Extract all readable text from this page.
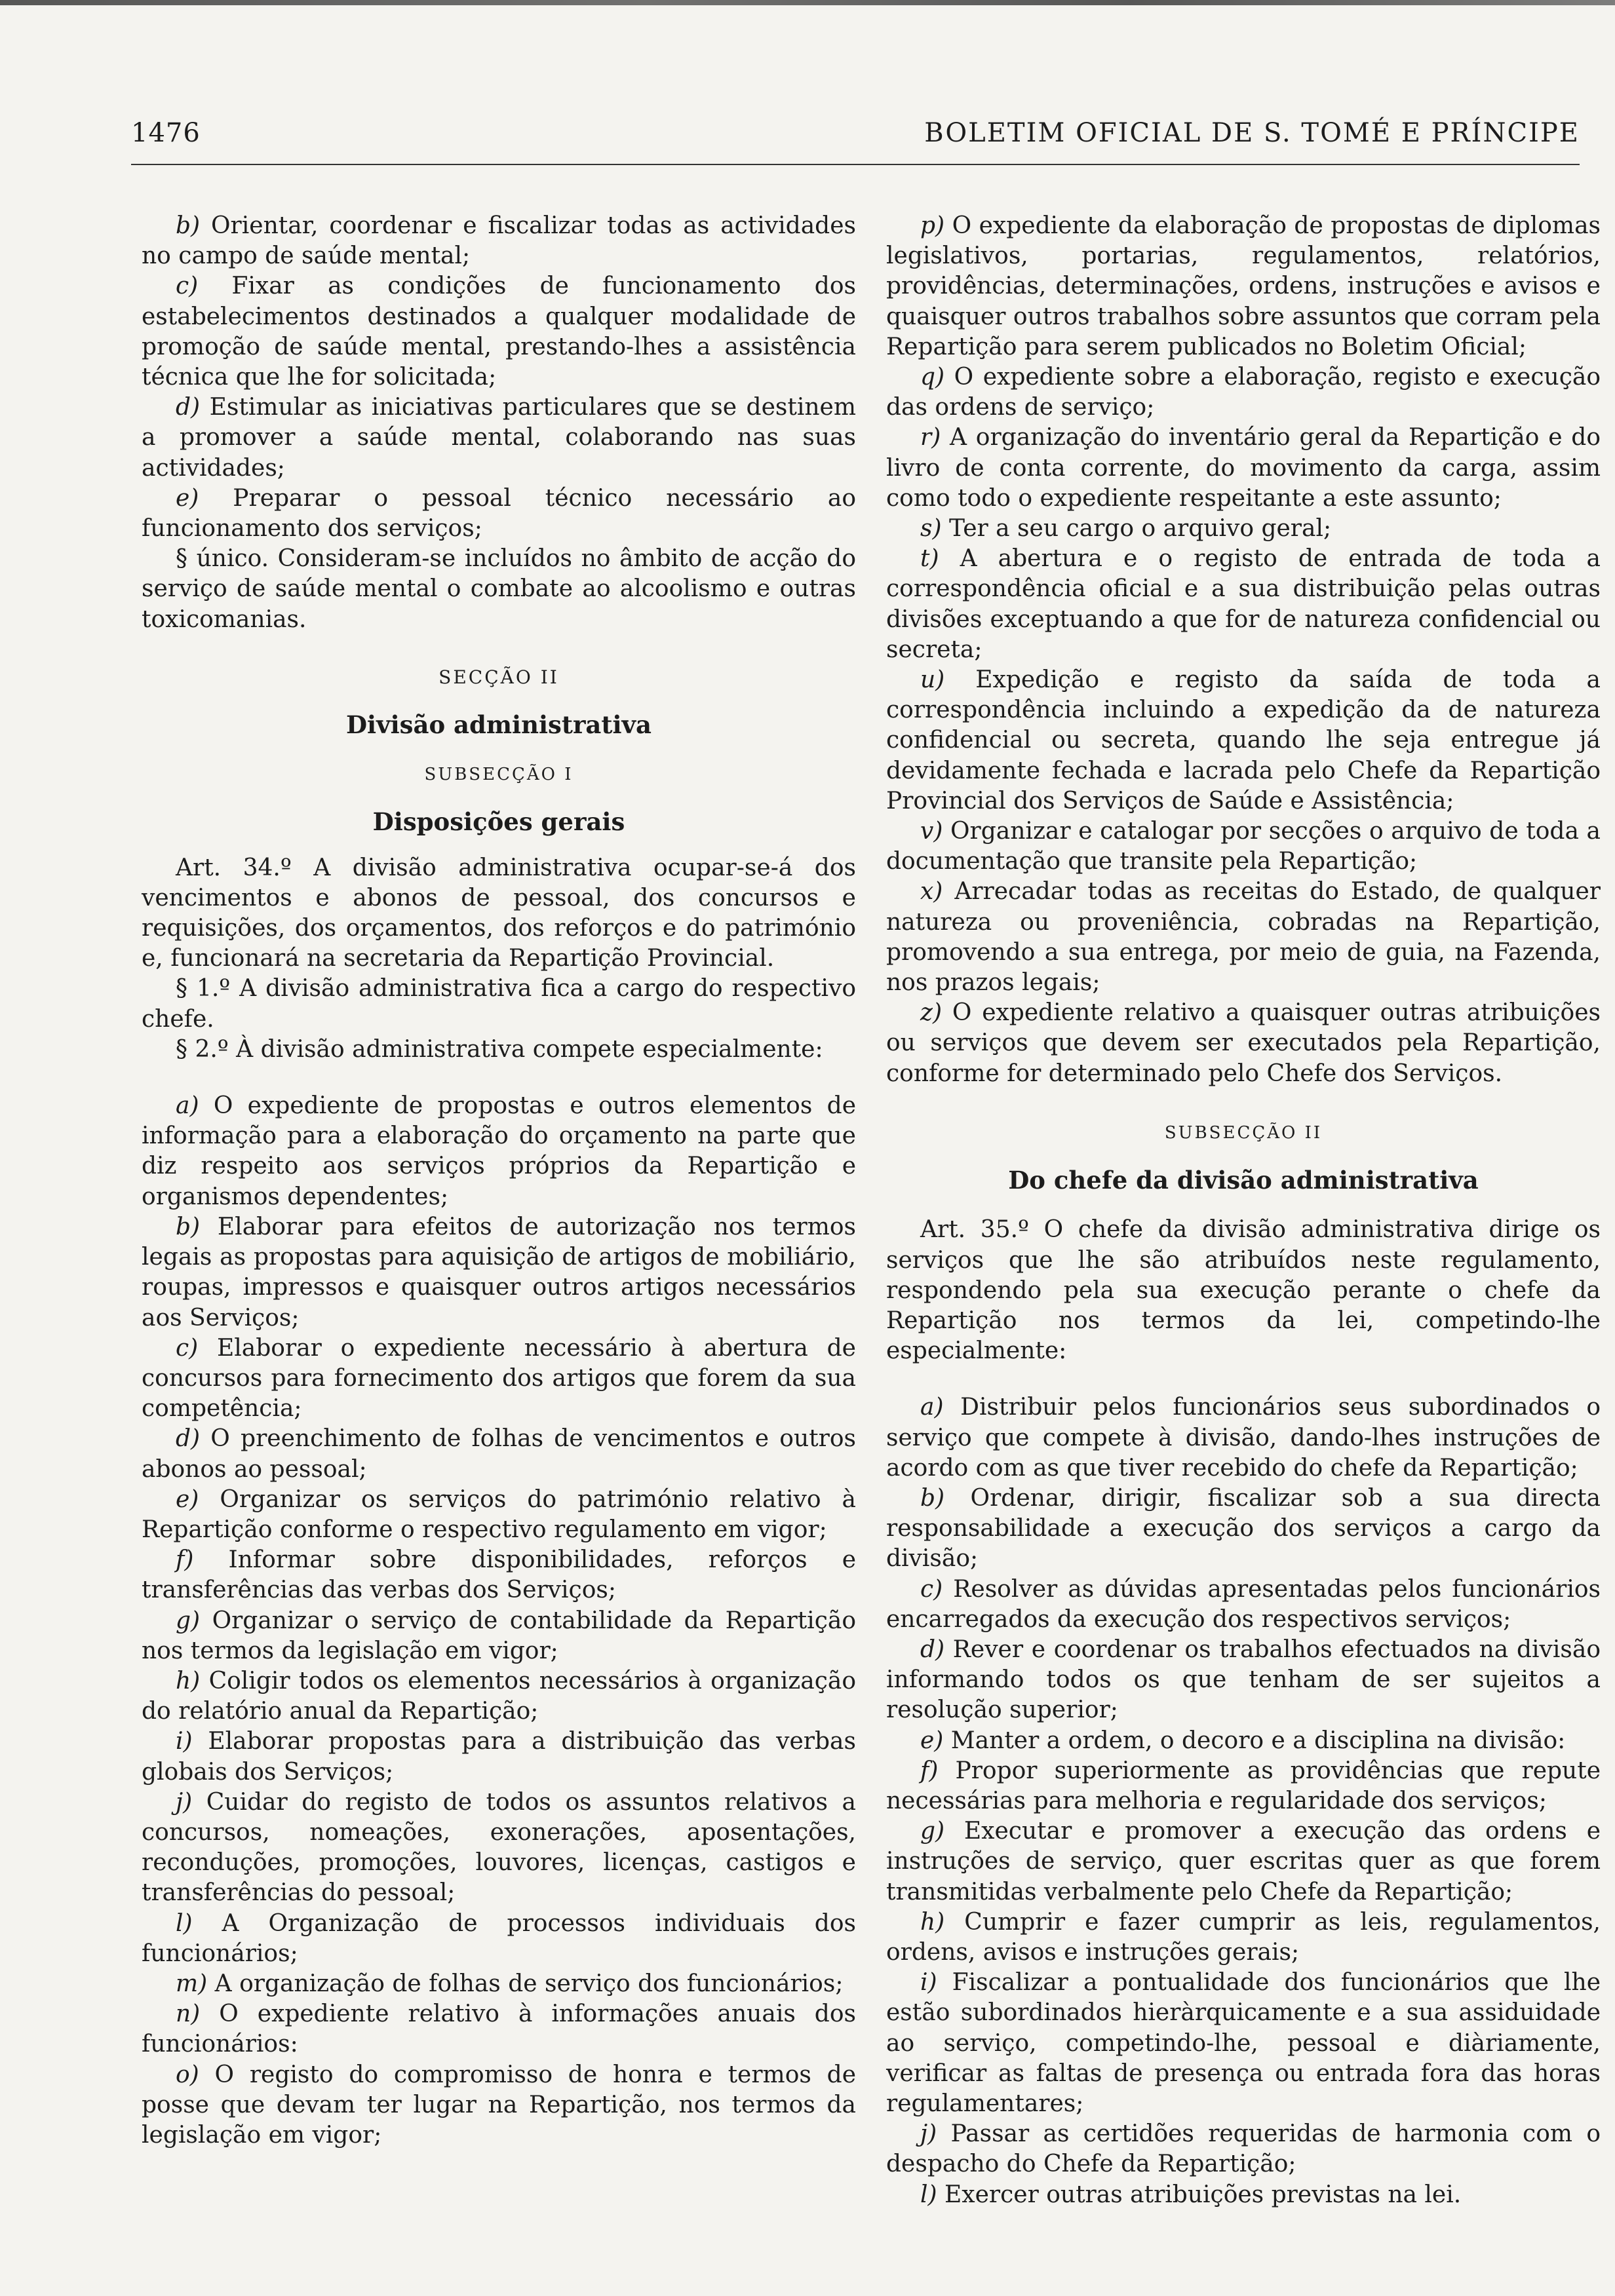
1476	BOLETIM OFICIAL DE S. TOMÉ E PRÍNCIPE

b) Orientar, coordenar e fiscalizar todas as actividades no campo de saúde mental;

c) Fixar as condições de funcionamento dos estabelecimentos destinados a qualquer modalidade de promoção de saúde mental, prestando-lhes a assistência técnica que lhe for solicitada;

d) Estimular as iniciativas particulares que se destinem a promover a saúde mental, colaborando nas suas actividades;

e) Preparar o pessoal técnico necessário ao funcionamento dos serviços;

§ único. Consideram-se incluídos no âmbito de acção do serviço de saúde mental o combate ao alcoolismo e outras toxicomanias.

SECÇÃO II
Divisão administrativa
SUBSECÇÃO I
Disposições gerais

Art. 34.º A divisão administrativa ocupar-se-á dos vencimentos e abonos de pessoal, dos concursos e requisições, dos orçamentos, dos reforços e do património e, funcionará na secretaria da Repartição Provincial.

§ 1.º A divisão administrativa fica a cargo do respectivo chefe.

§ 2.º À divisão administrativa compete especialmente:

a) O expediente de propostas e outros elementos de informação para a elaboração do orçamento na parte que diz respeito aos serviços próprios da Repartição e organismos dependentes;

b) Elaborar para efeitos de autorização nos termos legais as propostas para aquisição de artigos de mobiliário, roupas, impressos e quaisquer outros artigos necessários aos Serviços;

c) Elaborar o expediente necessário à abertura de concursos para fornecimento dos artigos que forem da sua competência;

d) O preenchimento de folhas de vencimentos e outros abonos ao pessoal;

e) Organizar os serviços do património relativo à Repartição conforme o respectivo regulamento em vigor;

f) Informar sobre disponibilidades, reforços e transferências das verbas dos Serviços;

g) Organizar o serviço de contabilidade da Repartição nos termos da legislação em vigor;

h) Coligir todos os elementos necessários à organização do relatório anual da Repartição;

i) Elaborar propostas para a distribuição das verbas globais dos Serviços;

j) Cuidar do registo de todos os assuntos relativos a concursos, nomeações, exonerações, aposentações, reconduções, promoções, louvores, licenças, castigos e transferências do pessoal;

l) A Organização de processos individuais dos funcionários;

m) A organização de folhas de serviço dos funcionários;

n) O expediente relativo à informações anuais dos funcionários:

o) O registo do compromisso de honra e termos de posse que devam ter lugar na Repartição, nos termos da legislação em vigor;

p) O expediente da elaboração de propostas de diplomas legislativos, portarias, regulamentos, relatórios, providências, determinações, ordens, instruções e avisos e quaisquer outros trabalhos sobre assuntos que corram pela Repartição para serem publicados no Boletim Oficial;

q) O expediente sobre a elaboração, registo e execução das ordens de serviço;

r) A organização do inventário geral da Repartição e do livro de conta corrente, do movimento da carga, assim como todo o expediente respeitante a este assunto;

s) Ter a seu cargo o arquivo geral;

t) A abertura e o registo de entrada de toda a correspondência oficial e a sua distribuição pelas outras divisões exceptuando a que for de natureza confidencial ou secreta;

u) Expedição e registo da saída de toda a correspondência incluindo a expedição da de natureza confidencial ou secreta, quando lhe seja entregue já devidamente fechada e lacrada pelo Chefe da Repartição Provincial dos Serviços de Saúde e Assistência;

v) Organizar e catalogar por secções o arquivo de toda a documentação que transite pela Repartição;

x) Arrecadar todas as receitas do Estado, de qualquer natureza ou proveniência, cobradas na Repartição, promovendo a sua entrega, por meio de guia, na Fazenda, nos prazos legais;

z) O expediente relativo a quaisquer outras atribuições ou serviços que devem ser executados pela Repartição, conforme for determinado pelo Chefe dos Serviços.

SUBSECÇÃO II
Do chefe da divisão administrativa

Art. 35.º O chefe da divisão administrativa dirige os serviços que lhe são atribuídos neste regulamento, respondendo pela sua execução perante o chefe da Repartição nos termos da lei, competindo-lhe especialmente:

a) Distribuir pelos funcionários seus subordinados o serviço que compete à divisão, dando-lhes instruções de acordo com as que tiver recebido do chefe da Repartição;

b) Ordenar, dirigir, fiscalizar sob a sua directa responsabilidade a execução dos serviços a cargo da divisão;

c) Resolver as dúvidas apresentadas pelos funcionários encarregados da execução dos respectivos serviços;

d) Rever e coordenar os trabalhos efectuados na divisão informando todos os que tenham de ser sujeitos a resolução superior;

e) Manter a ordem, o decoro e a disciplina na divisão:

f) Propor superiormente as providências que repute necessárias para melhoria e regularidade dos serviços;

g) Executar e promover a execução das ordens e instruções de serviço, quer escritas quer as que forem transmitidas verbalmente pelo Chefe da Repartição;

h) Cumprir e fazer cumprir as leis, regulamentos, ordens, avisos e instruções gerais;

i) Fiscalizar a pontualidade dos funcionários que lhe estão subordinados hieràrquicamente e a sua assiduidade ao serviço, competindo-lhe, pessoal e diàriamente, verificar as faltas de presença ou entrada fora das horas regulamentares;

j) Passar as certidões requeridas de harmonia com o despacho do Chefe da Repartição;

l) Exercer outras atribuições previstas na lei.
